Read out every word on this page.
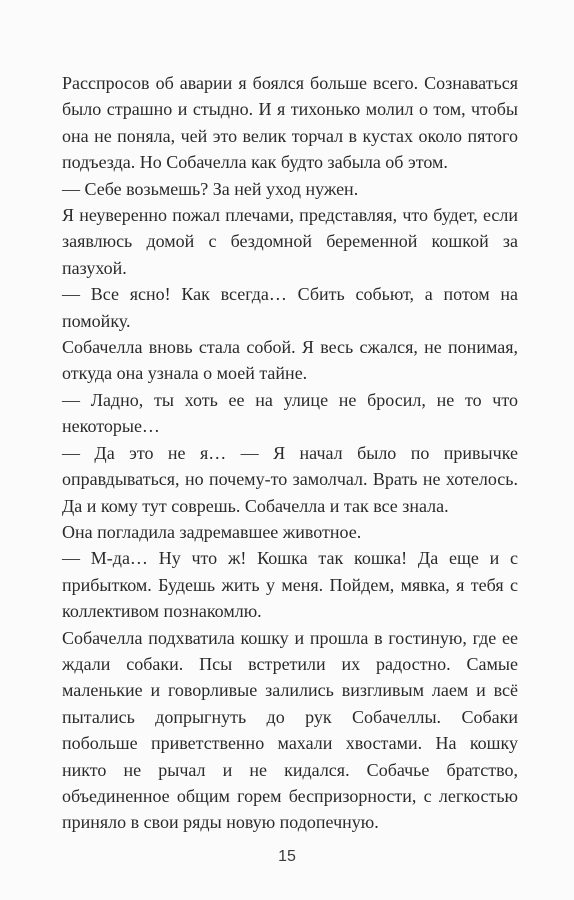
Расспросов об аварии я боялся больше всего. Сознаваться было страшно и стыдно. И я тихонько молил о том, чтобы она не поняла, чей это велик торчал в кустах около пятого подъезда. Но Собачелла как будто забыла об этом.

— Себе возьмешь? За ней уход нужен.

Я неуверенно пожал плечами, представляя, что будет, если заявлюсь домой с бездомной беременной кошкой за пазухой.

— Все ясно! Как всегда… Сбить собьют, а потом на помойку.

Собачелла вновь стала собой. Я весь сжался, не понимая, откуда она узнала о моей тайне.

— Ладно, ты хоть ее на улице не бросил, не то что некоторые…

— Да это не я… — Я начал было по привычке оправдываться, но почему-то замолчал. Врать не хотелось. Да и кому тут соврешь. Собачелла и так все знала.

Она погладила задремавшее животное.

— М-да… Ну что ж! Кошка так кошка! Да еще и с прибытком. Будешь жить у меня. Пойдем, мявка, я тебя с коллективом познакомлю.

Собачелла подхватила кошку и прошла в гостиную, где ее ждали собаки. Псы встретили их радостно. Самые маленькие и говорливые залились визгливым лаем и всё пытались допрыгнуть до рук Собачеллы. Собаки побольше приветственно махали хвостами. На кошку никто не рычал и не кидался. Собачье братство, объединенное общим горем беспризорности, с легкостью приняло в свои ряды новую подопечную.

15
